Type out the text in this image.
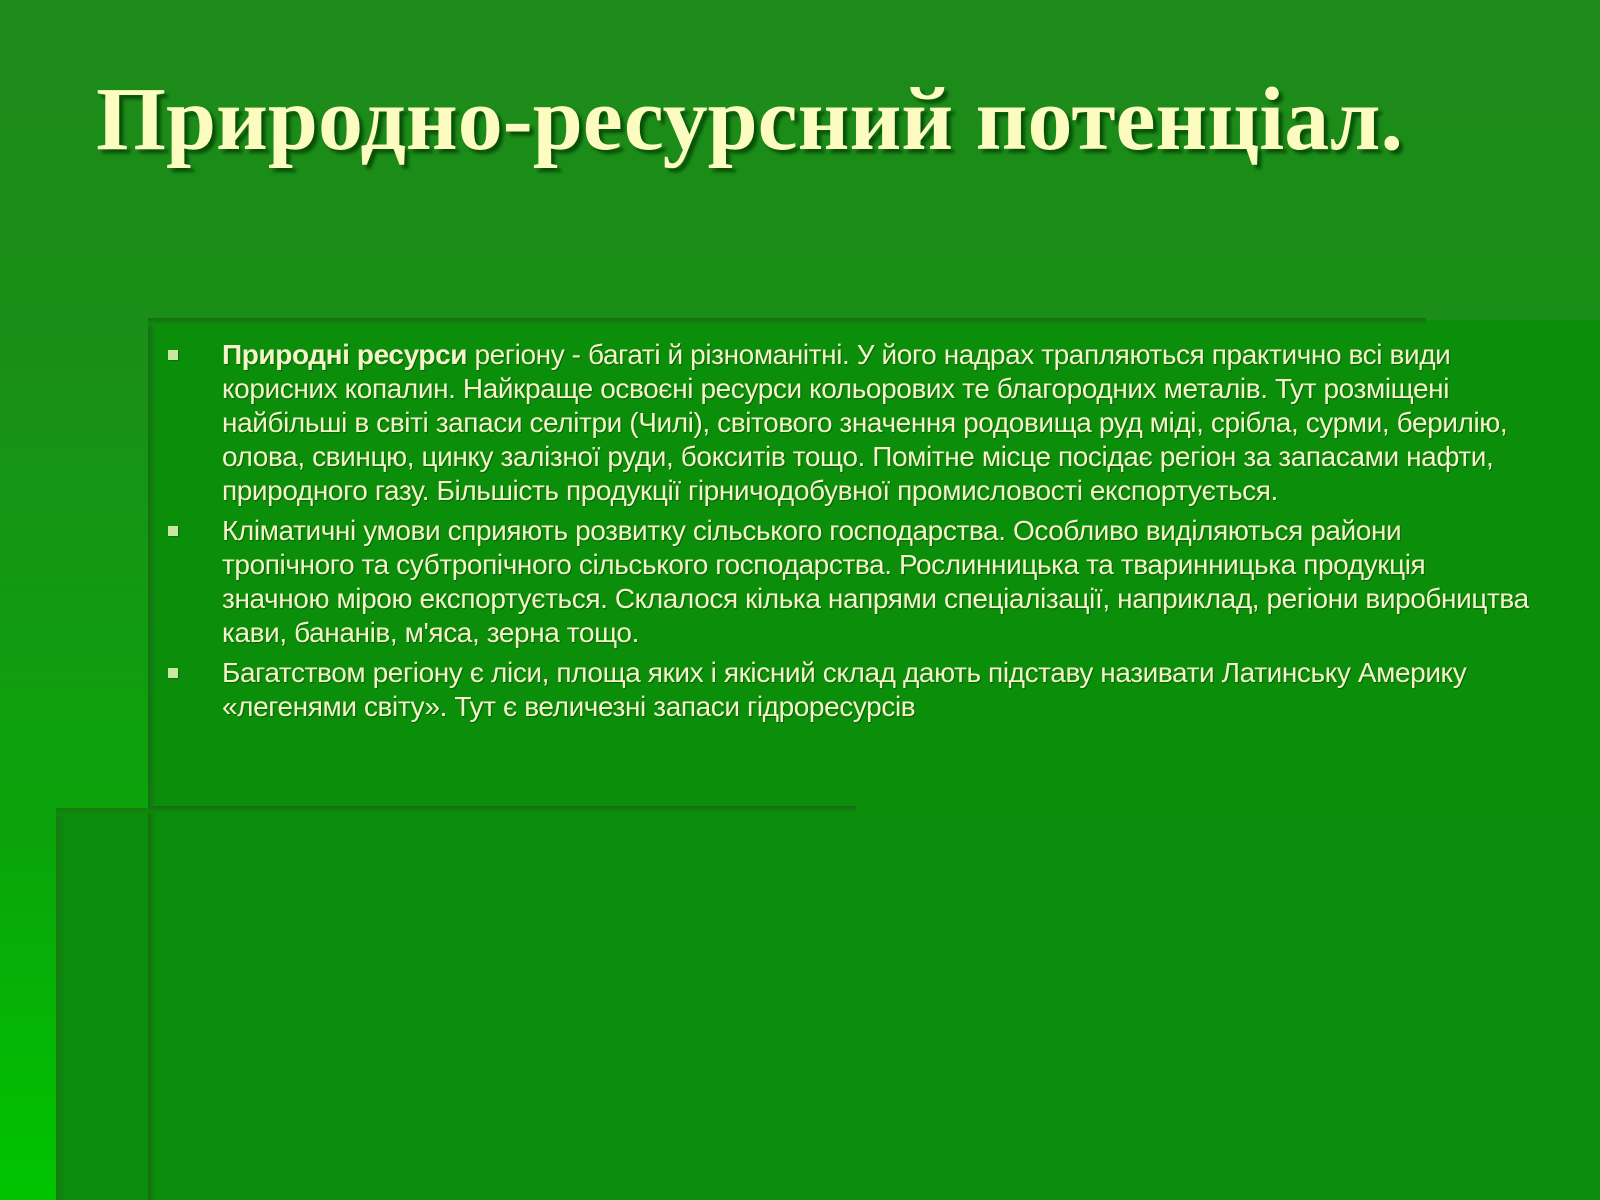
Природно-ресурсний потенціал.
Природні ресурси регіону - багаті й різноманітні. У його надрах трапляються практично всі види корисних копалин. Найкраще освоєні ресурси кольорових те благородних металів. Тут розміщені найбільші в світі запаси селітри (Чилі), світового значення родовища руд міді, срібла, сурми, берилію, олова, свинцю, цинку залізної руди, бокситів тощо. Помітне місце посідає регіон за запасами нафти, природного газу. Більшість продукції гірничодобувної промисловості експортується.
Кліматичні умови сприяють розвитку сільського господарства. Особливо виділяються райони тропічного та субтропічного сільського господарства. Рослинницька та тваринницька продукція значною мірою експортується. Склалося кілька напрями спеціалізації, наприклад, регіони виробництва кави, бананів, м'яса, зерна тощо.
Багатством регіону є ліси, площа яких і якісний склад дають підставу називати Латинську Америку «легенями світу». Тут є величезні запаси гідроресурсів
